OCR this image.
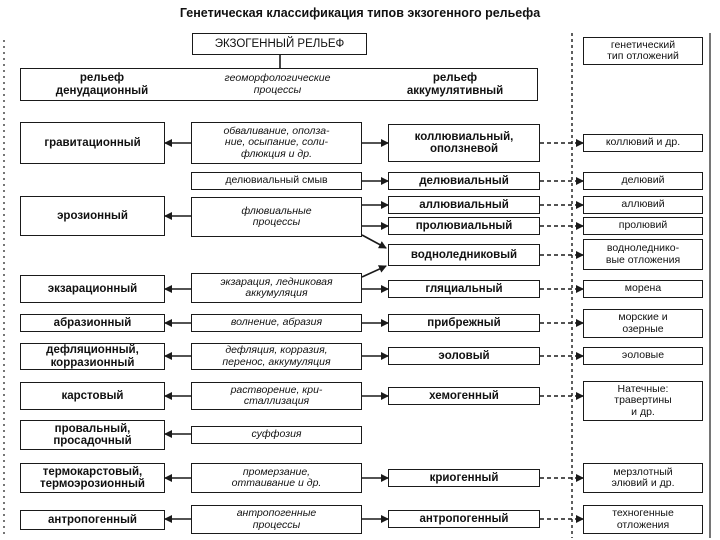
Генетическая классификация типов экзогенного рельефа
ЭКЗОГЕННЫЙ РЕЛЬЕФ
рельеф
денудационный
геоморфологические
процессы
рельеф
аккумулятивный
генетический
тип отложений
гравитационный
эрозионный
экзарационный
абразионный
дефляционный,
корразионный
карстовый
провальный,
просадочный
термокарстовый,
термоэрозионный
антропогенный
обваливание, ополза-
ние, осыпание, соли-
флюкция и др.
делювиальный смыв
флювиальные
процессы
экзарация, ледниковая
аккумуляция
волнение, абразия
дефляция, корразия,
перенос, аккумуляция
растворение, кри-
сталлизация
суффозия
промерзание,
оттаивание и др.
антропогенные
процессы
коллювиальный,
оползневой
делювиальный
аллювиальный
пролювиальный
водноледниковый
гляциальный
прибрежный
эоловый
хемогенный
криогенный
антропогенный
коллювий и др.
делювий
аллювий
пролювий
водноледнико-
вые отложения
морена
морские и
озерные
эоловые
Натечные:
травертины
и др.
мерзлотный
элювий и др.
техногенные
отложения
